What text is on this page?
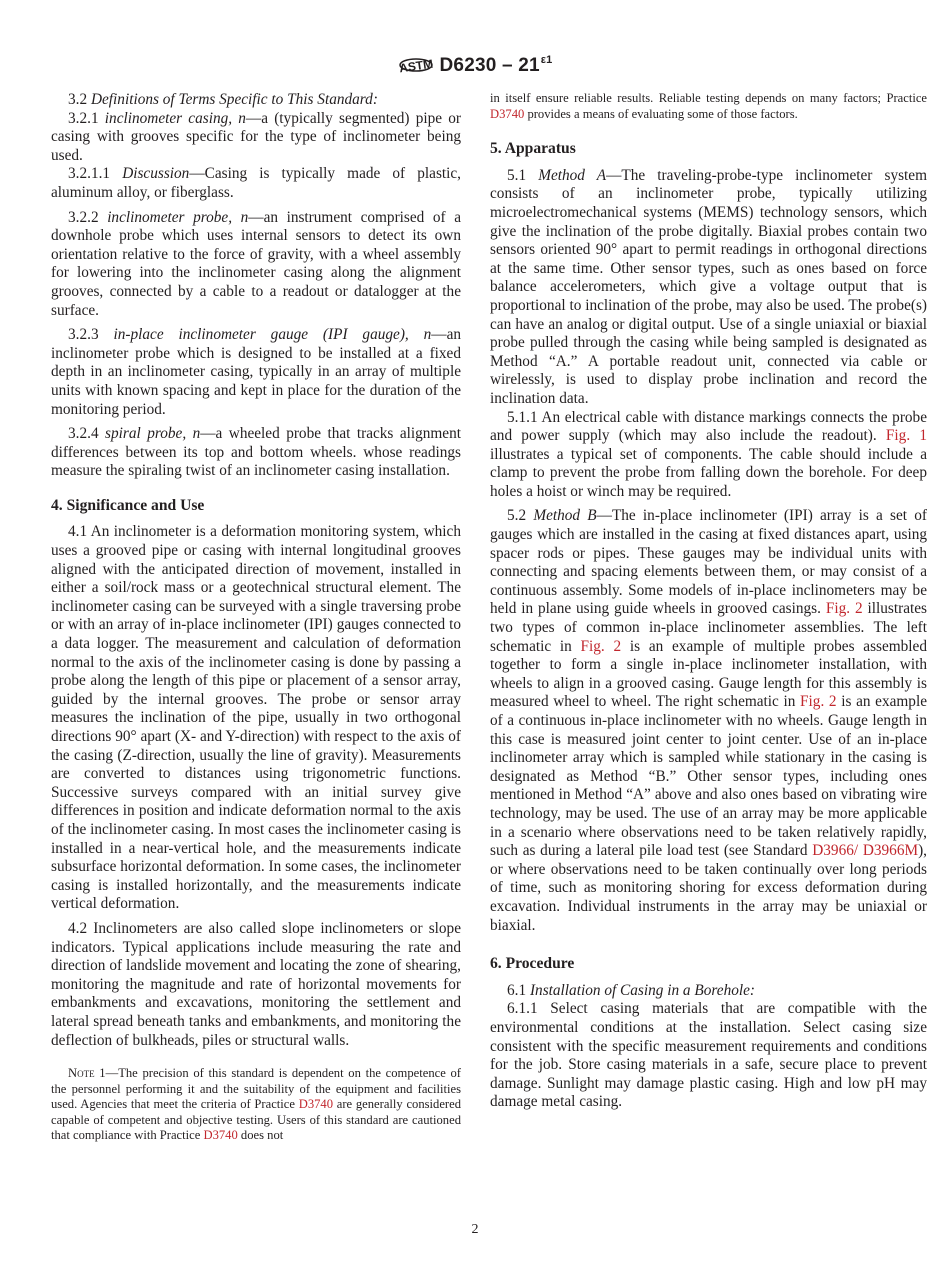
ASTM $D6230 - 21^{\varepsilon 1}$

3.2 Definitions of Terms Specific to This Standard:

3.2.1 inclinometer casing, n—a (typically segmented) pipe or casing with grooves specific for the type of inclinometer being used.

3.2.1.1 Discussion—Casing is typically made of plastic, aluminum alloy, or fiberglass.

3.2.2 inclinometer probe, n—an instrument comprised of a downhole probe which uses internal sensors to detect its own orientation relative to the force of gravity, with a wheel assembly for lowering into the inclinometer casing along the alignment grooves, connected by a cable to a readout or datalogger at the surface.

3.2.3 in-place inclinometer gauge (IPI gauge), n—an inclinometer probe which is designed to be installed at a fixed depth in an inclinometer casing, typically in an array of multiple units with known spacing and kept in place for the duration of the monitoring period.

3.2.4 spiral probe, n—a wheeled probe that tracks alignment differences between its top and bottom wheels. whose readings measure the spiraling twist of an inclinometer casing installation.

4. Significance and Use

4.1 An inclinometer is a deformation monitoring system, which uses a grooved pipe or casing with internal longitudinal grooves aligned with the anticipated direction of movement, installed in either a soil/rock mass or a geotechnical structural element. The inclinometer casing can be surveyed with a single traversing probe or with an array of in-place inclinometer (IPI) gauges connected to a data logger. The measurement and calculation of deformation normal to the axis of the inclinometer casing is done by passing a probe along the length of this pipe or placement of a sensor array, guided by the internal grooves. The probe or sensor array measures the inclination of the pipe, usually in two orthogonal directions 90° apart (X- and Y-direction) with respect to the axis of the casing (Z-direction, usually the line of gravity). Measurements are converted to distances using trigonometric functions. Successive surveys compared with an initial survey give differences in position and indicate deformation normal to the axis of the inclinometer casing. In most cases the inclinometer casing is installed in a near-vertical hole, and the measurements indicate subsurface horizontal deformation. In some cases, the inclinometer casing is installed horizontally, and the measurements indicate vertical deformation.

4.2 Inclinometers are also called slope inclinometers or slope indicators. Typical applications include measuring the rate and direction of landslide movement and locating the zone of shearing, monitoring the magnitude and rate of horizontal movements for embankments and excavations, monitoring the settlement and lateral spread beneath tanks and embankments, and monitoring the deflection of bulkheads, piles or structural walls.

Note 1—The precision of this standard is dependent on the competence of the personnel performing it and the suitability of the equipment and facilities used. Agencies that meet the criteria of Practice D3740 are generally considered capable of competent and objective testing. Users of this standard are cautioned that compliance with Practice D3740 does not

in itself ensure reliable results. Reliable testing depends on many factors; Practice D3740 provides a means of evaluating some of those factors.

5. Apparatus

5.1 Method A—The traveling-probe-type inclinometer system consists of an inclinometer probe, typically utilizing microelectromechanical systems (MEMS) technology sensors, which give the inclination of the probe digitally. Biaxial probes contain two sensors oriented 90° apart to permit readings in orthogonal directions at the same time. Other sensor types, such as ones based on force balance accelerometers, which give a voltage output that is proportional to inclination of the probe, may also be used. The probe(s) can have an analog or digital output. Use of a single uniaxial or biaxial probe pulled through the casing while being sampled is designated as Method “A.” A portable readout unit, connected via cable or wirelessly, is used to display probe inclination and record the inclination data.

5.1.1 An electrical cable with distance markings connects the probe and power supply (which may also include the readout). Fig. 1 illustrates a typical set of components. The cable should include a clamp to prevent the probe from falling down the borehole. For deep holes a hoist or winch may be required.

5.2 Method B—The in-place inclinometer (IPI) array is a set of gauges which are installed in the casing at fixed distances apart, using spacer rods or pipes. These gauges may be individual units with connecting and spacing elements between them, or may consist of a continuous assembly. Some models of in-place inclinometers may be held in plane using guide wheels in grooved casings. Fig. 2 illustrates two types of common in-place inclinometer assemblies. The left schematic in Fig. 2 is an example of multiple probes assembled together to form a single in-place inclinometer installation, with wheels to align in a grooved casing. Gauge length for this assembly is measured wheel to wheel. The right schematic in Fig. 2 is an example of a continuous in-place inclinometer with no wheels. Gauge length in this case is measured joint center to joint center. Use of an in-place inclinometer array which is sampled while stationary in the casing is designated as Method “B.” Other sensor types, including ones mentioned in Method “A” above and also ones based on vibrating wire technology, may be used. The use of an array may be more applicable in a scenario where observations need to be taken relatively rapidly, such as during a lateral pile load test (see Standard D3966/ D3966M), or where observations need to be taken continually over long periods of time, such as monitoring shoring for excess deformation during excavation. Individual instruments in the array may be uniaxial or biaxial.

6. Procedure

6.1 Installation of Casing in a Borehole:

6.1.1 Select casing materials that are compatible with the environmental conditions at the installation. Select casing size consistent with the specific measurement requirements and conditions for the job. Store casing materials in a safe, secure place to prevent damage. Sunlight may damage plastic casing. High and low pH may damage metal casing.

2
